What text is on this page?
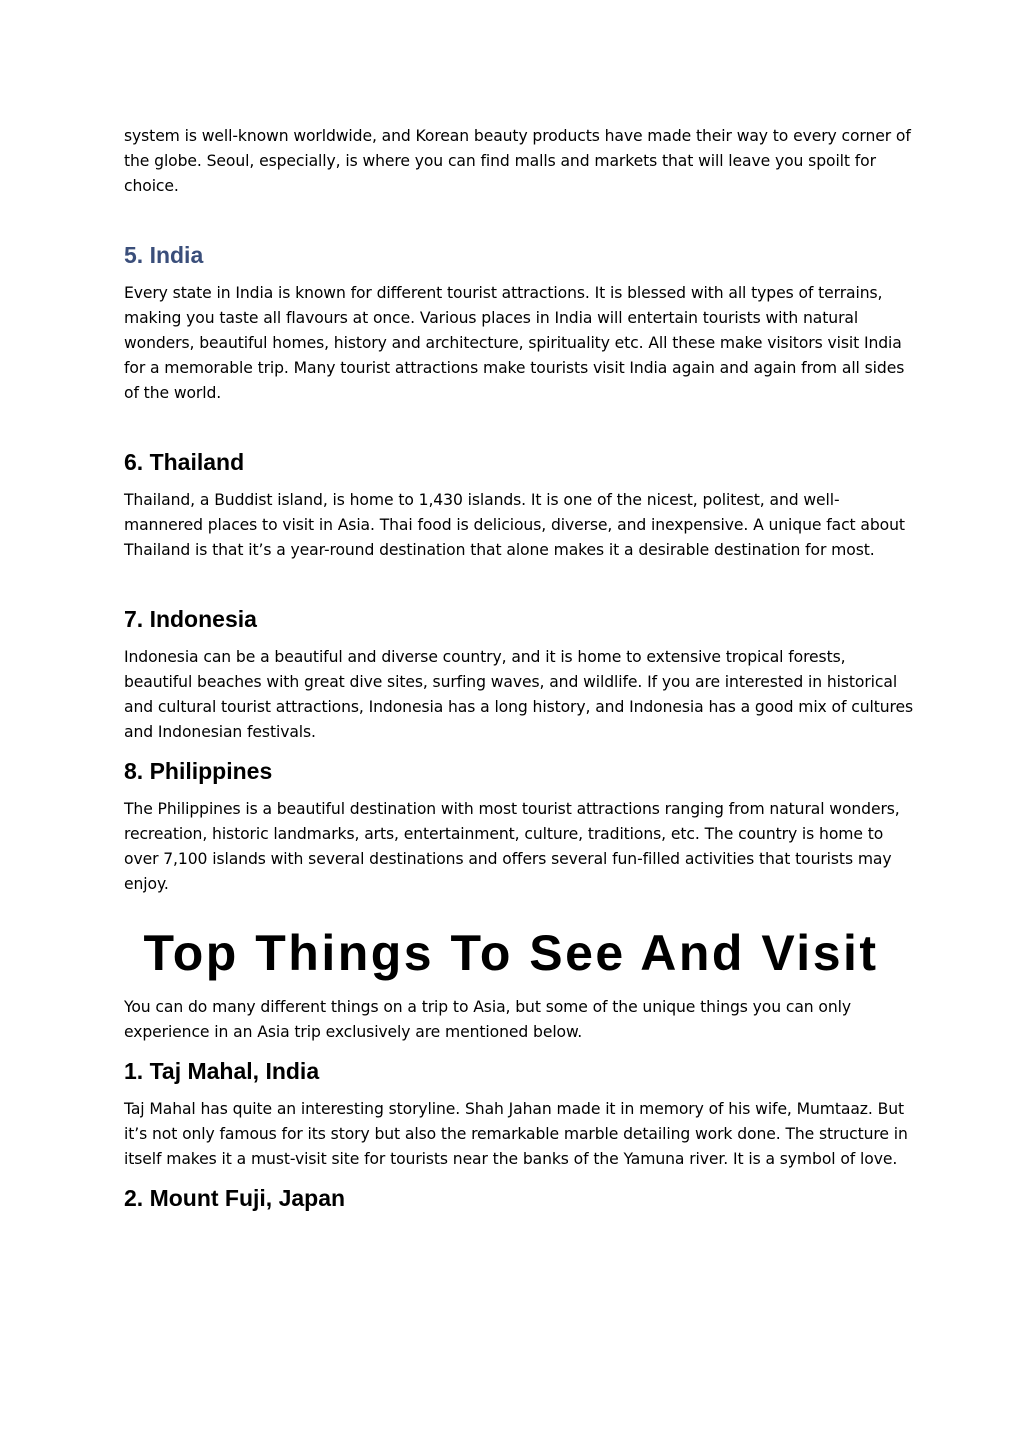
system is well-known worldwide, and Korean beauty products have made their way to every corner of the globe. Seoul, especially, is where you can find malls and markets that will leave you spoilt for choice.

5. India

Every state in India is known for different tourist attractions. It is blessed with all types of terrains, making you taste all flavours at once. Various places in India will entertain tourists with natural wonders, beautiful homes, history and architecture, spirituality etc. All these make visitors visit India for a memorable trip. Many tourist attractions make tourists visit India again and again from all sides of the world.

6. Thailand

Thailand, a Buddist island, is home to 1,430 islands. It is one of the nicest, politest, and well-mannered places to visit in Asia. Thai food is delicious, diverse, and inexpensive. A unique fact about Thailand is that it’s a year-round destination that alone makes it a desirable destination for most.

7. Indonesia

Indonesia can be a beautiful and diverse country, and it is home to extensive tropical forests, beautiful beaches with great dive sites, surfing waves, and wildlife. If you are interested in historical and cultural tourist attractions, Indonesia has a long history, and Indonesia has a good mix of cultures and Indonesian festivals.

8. Philippines

The Philippines is a beautiful destination with most tourist attractions ranging from natural wonders, recreation, historic landmarks, arts, entertainment, culture, traditions, etc. The country is home to over 7,100 islands with several destinations and offers several fun-filled activities that tourists may enjoy.

Top Things To See And Visit

You can do many different things on a trip to Asia, but some of the unique things you can only experience in an Asia trip exclusively are mentioned below.

1. Taj Mahal, India

Taj Mahal has quite an interesting storyline. Shah Jahan made it in memory of his wife, Mumtaaz. But it’s not only famous for its story but also the remarkable marble detailing work done. The structure in itself makes it a must-visit site for tourists near the banks of the Yamuna river. It is a symbol of love.

2. Mount Fuji, Japan
